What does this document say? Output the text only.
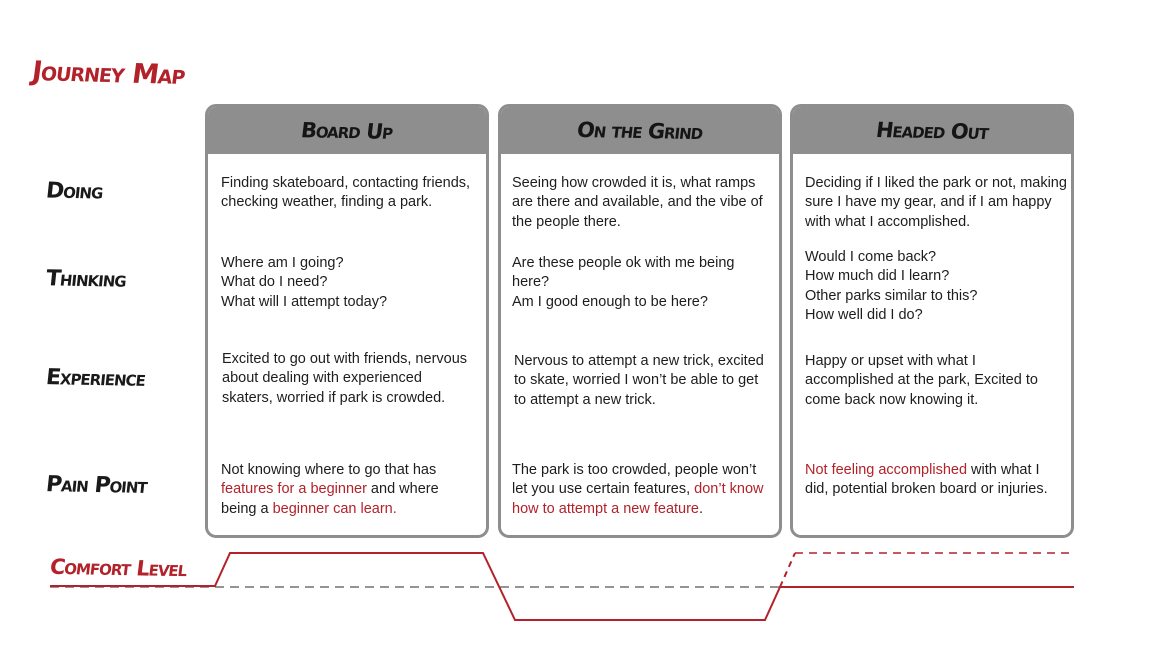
Journey Map
Doing
Thinking
Experience
Pain Point
Board Up
Finding skateboard, contacting friends, checking weather, finding a park.
Where am I going?
What do I need?
What will I attempt today?
Excited to go out with friends, nervous about dealing with experienced skaters, worried if park is crowded.
Not knowing where to go that has features for a beginner and where being a beginner can learn.
On the Grind
Seeing how crowded it is, what ramps are there and available, and the vibe of the people there.
Are these people ok with me being here?
Am I good enough to be here?
Nervous to attempt a new trick, excited to skate, worried I won’t be able to get to attempt a new trick.
The park is too crowded, people won’t let you use certain features, don’t know how to attempt a new feature.
Headed Out
Deciding if I liked the park or not, making sure I have my gear, and if I am happy with what I accomplished.
Would I come back?
How much did I learn?
Other parks similar to this?
How well did I do?
Happy or upset with what I accomplished at the park, Excited to come back now knowing it.
Not feeling accomplished with what I did, potential broken board or injuries.
Comfort Level
